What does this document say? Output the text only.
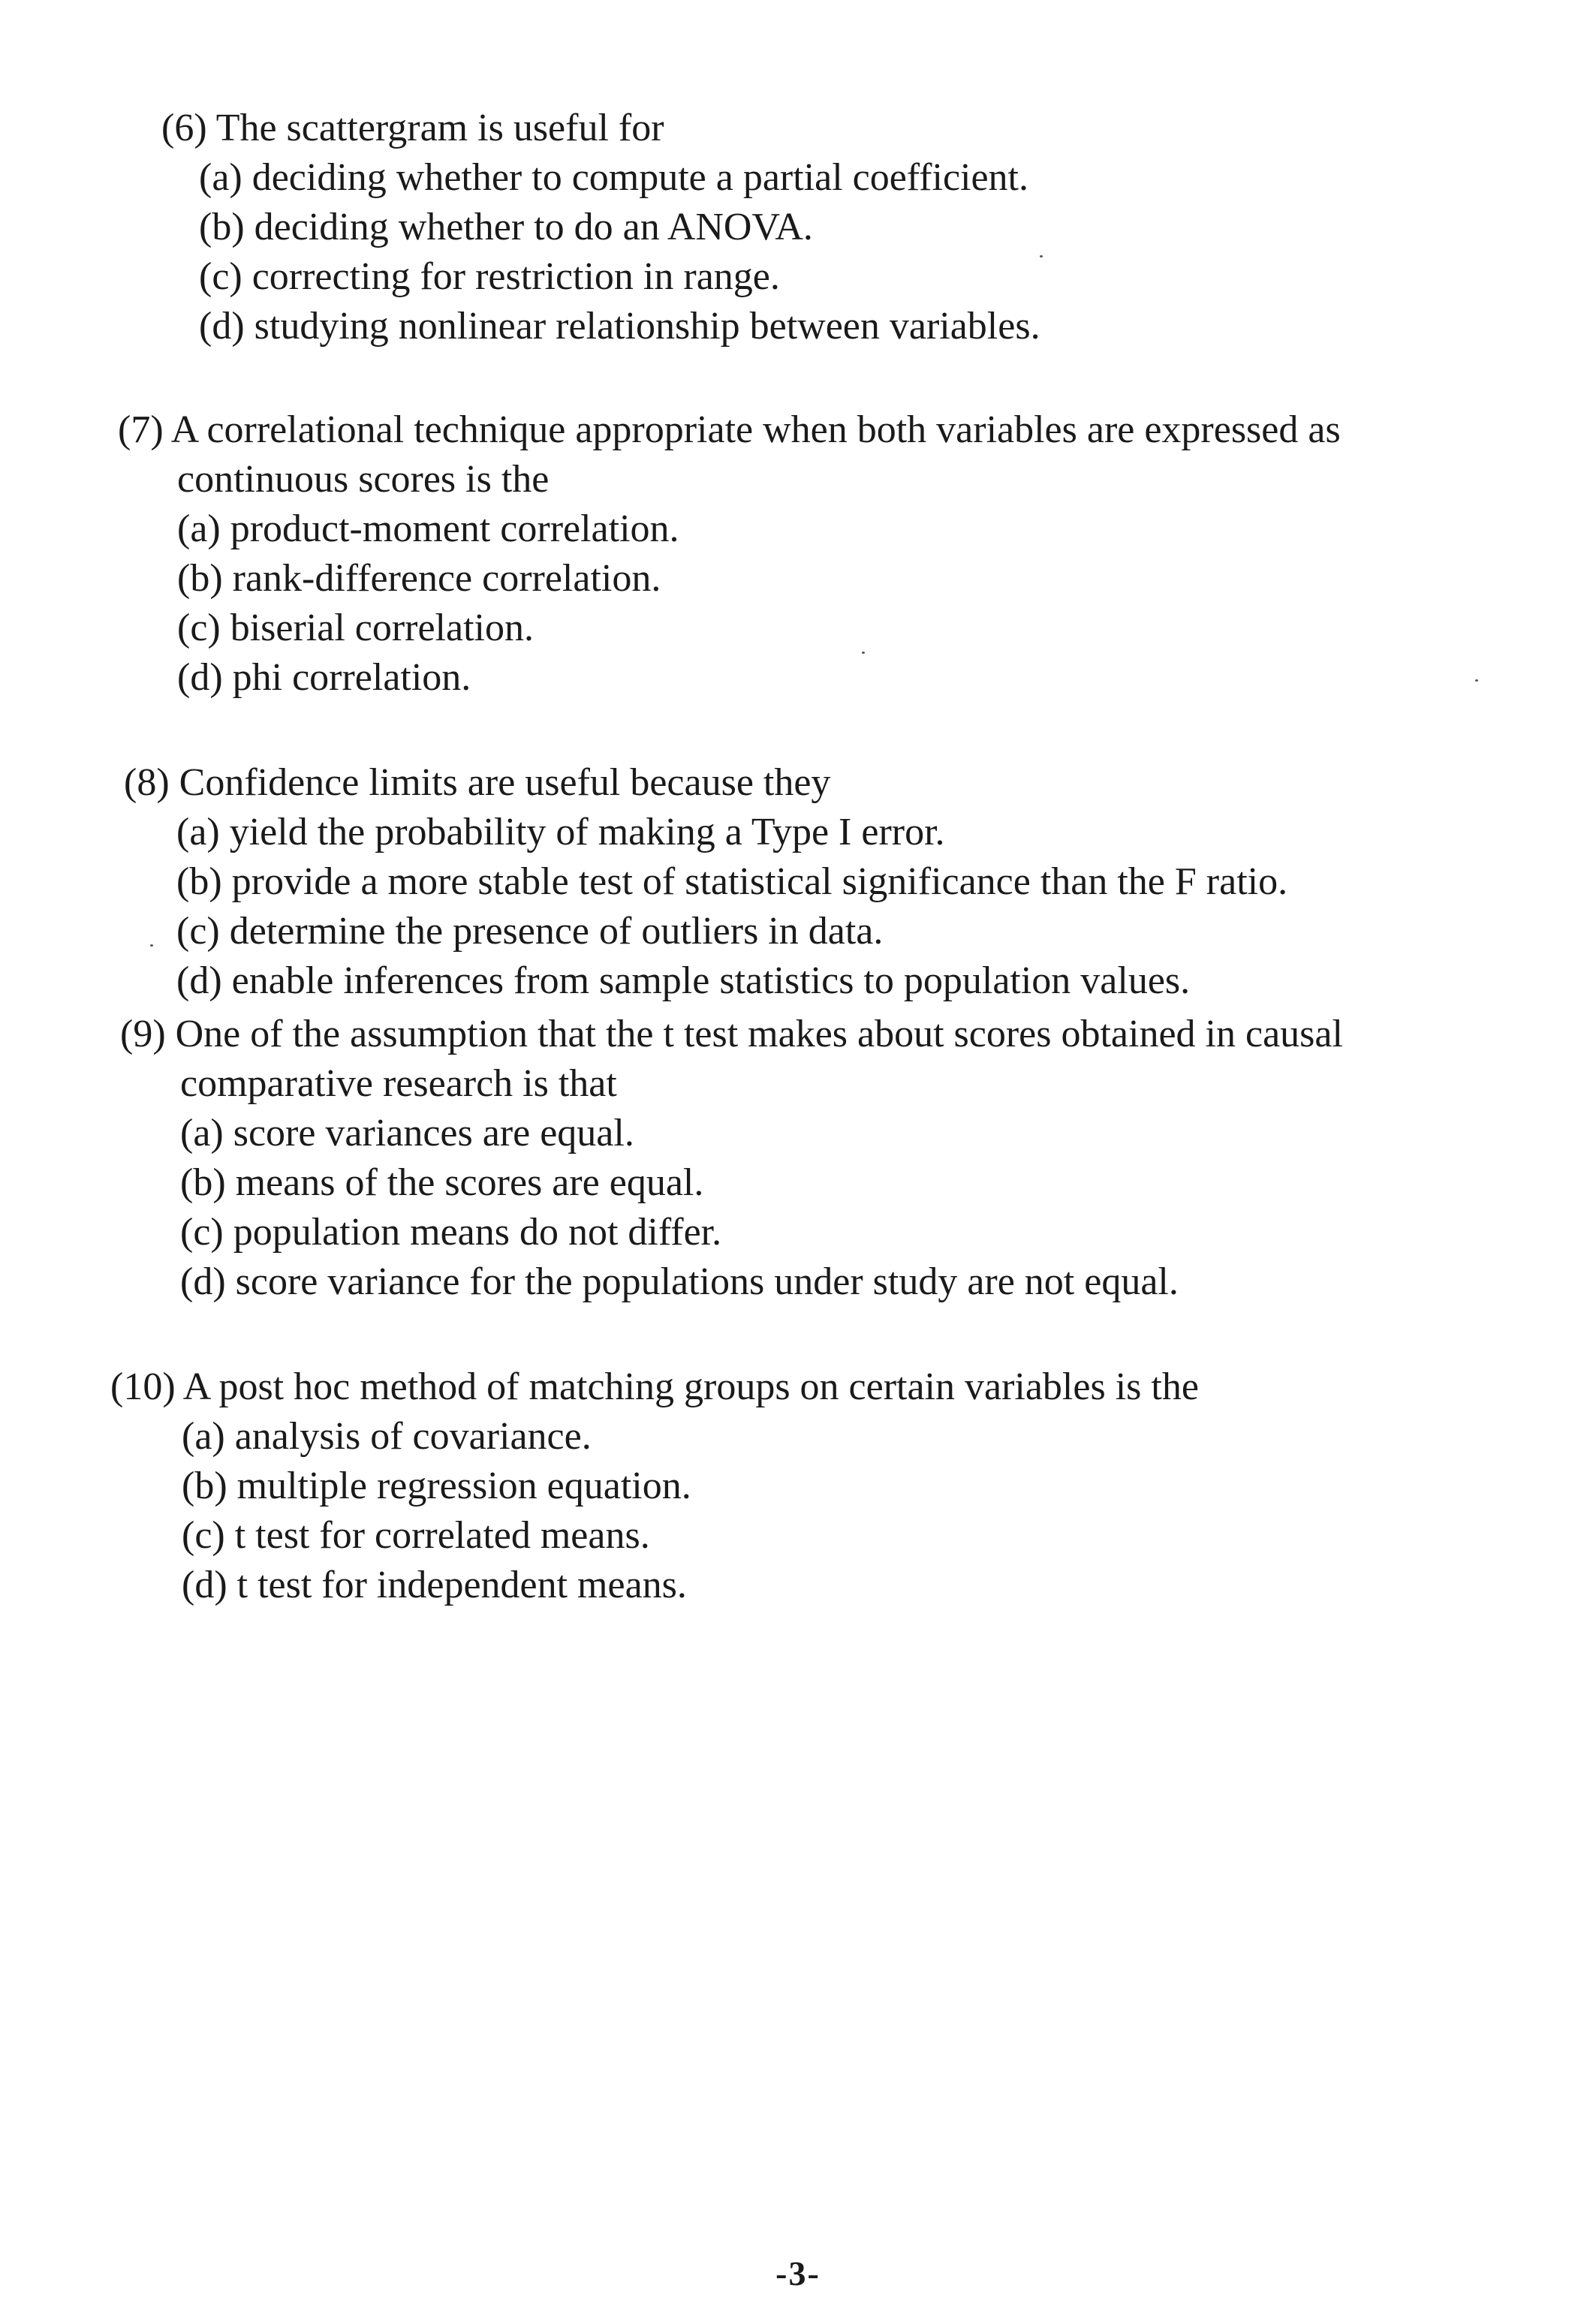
(6) The scattergram is useful for
(a) deciding whether to compute a partial coefficient.
(b) deciding whether to do an ANOVA.
(c) correcting for restriction in range.
(d) studying nonlinear relationship between variables.
(7) A correlational technique appropriate when both variables are expressed as
continuous scores is the
(a) product-moment correlation.
(b) rank-difference correlation.
(c) biserial correlation.
(d) phi correlation.
(8) Confidence limits are useful because they
(a) yield the probability of making a Type I error.
(b) provide a more stable test of statistical significance than the F ratio.
(c) determine the presence of outliers in data.
(d) enable inferences from sample statistics to population values.
(9) One of the assumption that the t test makes about scores obtained in causal
comparative research is that
(a) score variances are equal.
(b) means of the scores are equal.
(c) population means do not differ.
(d) score variance for the populations under study are not equal.
(10) A post hoc method of matching groups on certain variables is the
(a) analysis of covariance.
(b) multiple regression equation.
(c) t test for correlated means.
(d) t test for independent means.
-3-
